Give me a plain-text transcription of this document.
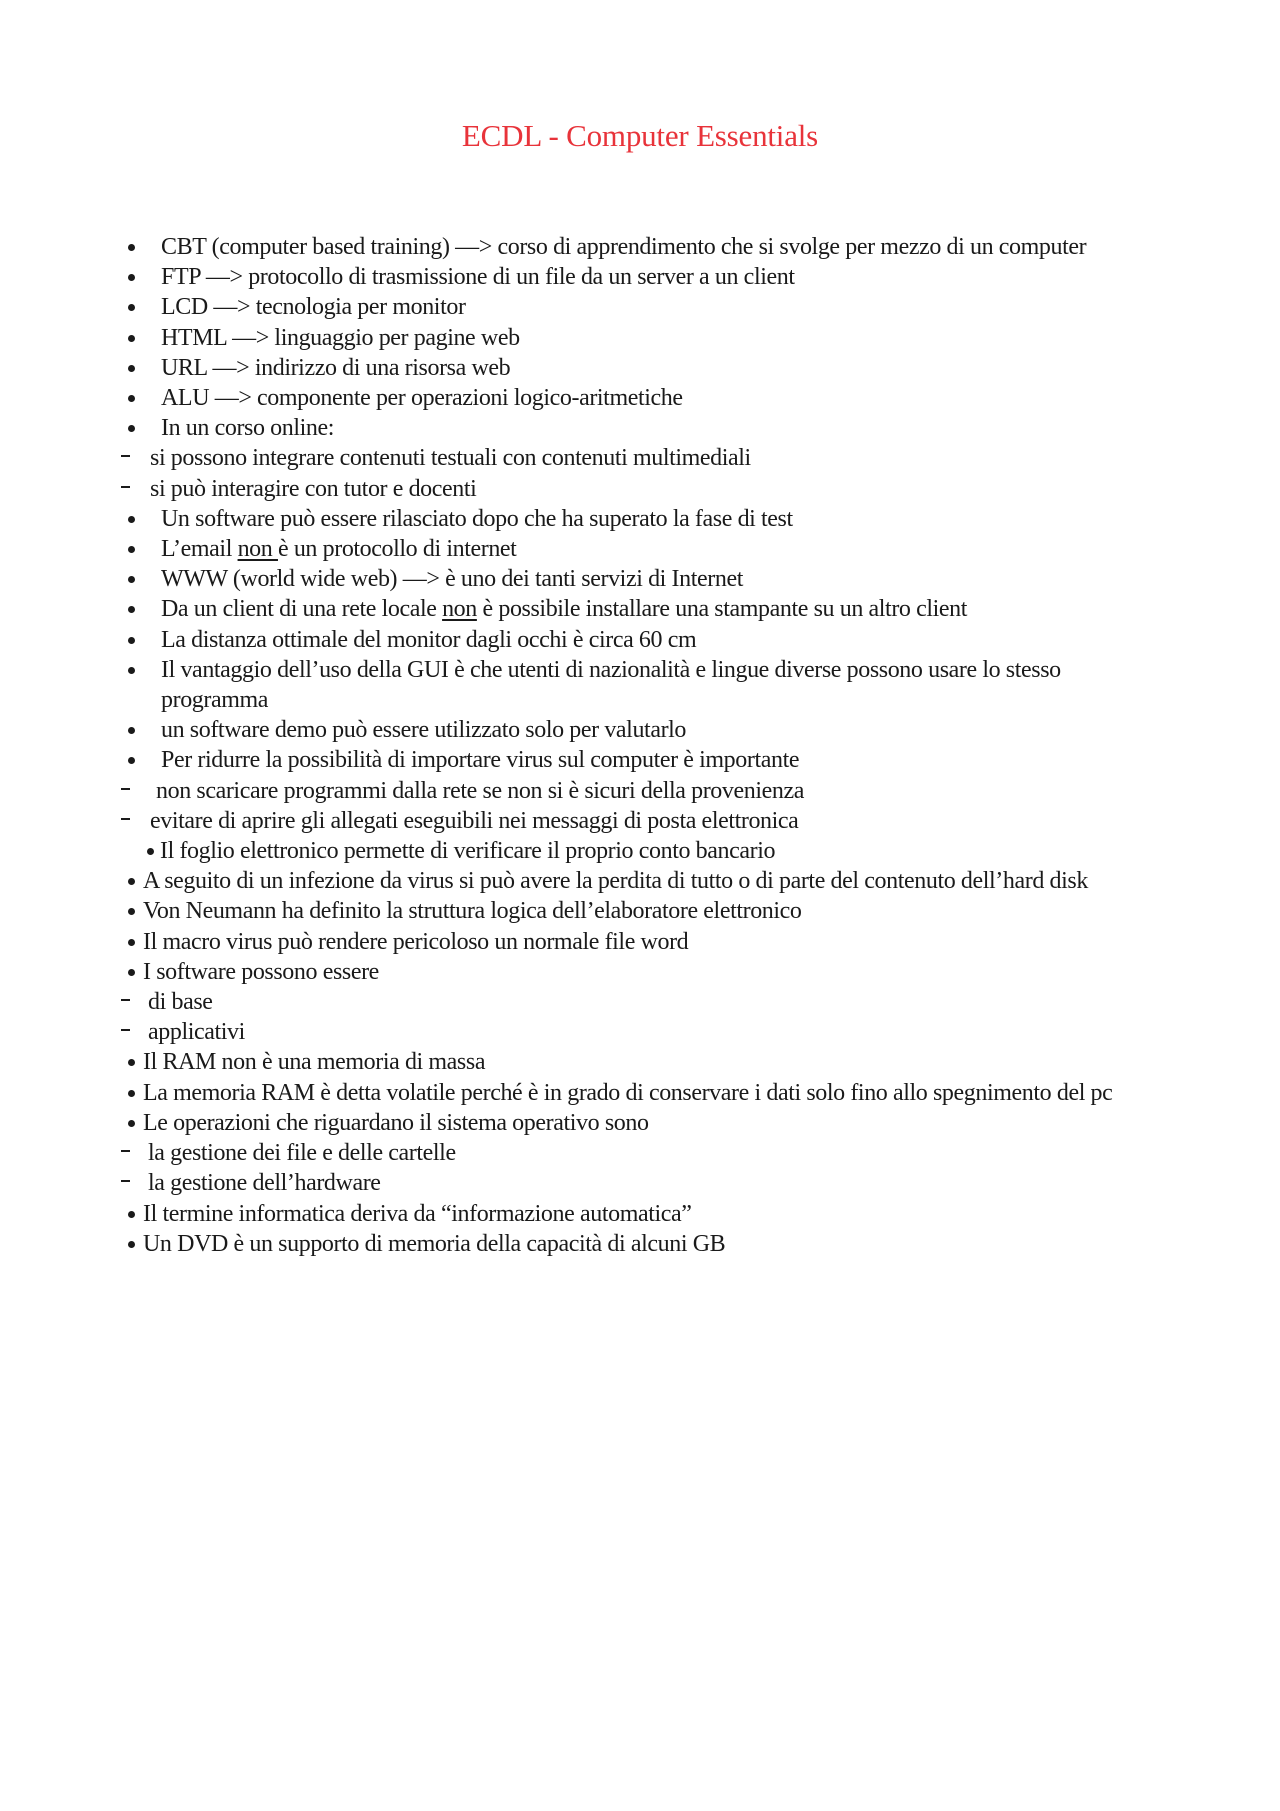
ECDL - Computer Essentials
CBT (computer based training) —> corso di apprendimento che si svolge per mezzo di un computer
FTP —> protocollo di trasmissione di un file da un server a un client
LCD —> tecnologia per monitor
HTML —> linguaggio per pagine web
URL —> indirizzo di una risorsa web
ALU —> componente per operazioni logico-aritmetiche
In un corso online:
si possono integrare contenuti testuali con contenuti multimediali
si può interagire con tutor e docenti
Un software può essere rilasciato dopo che ha superato la fase di test
L’email non è un protocollo di internet
WWW (world wide web) —> è uno dei tanti servizi di Internet
Da un client di una rete locale non è possibile installare una stampante su un altro client
La distanza ottimale del monitor dagli occhi è circa 60 cm
Il vantaggio dell’uso della GUI è che utenti di nazionalità e lingue diverse possono usare lo stesso programma
un software demo può essere utilizzato solo per valutarlo
Per ridurre la possibilità di importare virus sul computer è importante
non scaricare programmi dalla rete se non si è sicuri della provenienza
evitare di aprire gli allegati eseguibili nei messaggi di posta elettronica
Il foglio elettronico permette di verificare il proprio conto bancario
A seguito di un infezione da virus si può avere la perdita di tutto o di parte del contenuto dell’hard disk
Von Neumann ha definito la struttura logica dell’elaboratore elettronico
Il macro virus può rendere pericoloso un normale file word
I software possono essere
di base
applicativi
Il RAM non è una memoria di massa
La memoria RAM è detta volatile perché è in grado di conservare i dati solo fino allo spegnimento del pc
Le operazioni che riguardano il sistema operativo sono
la gestione dei file e delle cartelle
la gestione dell’hardware
Il termine informatica deriva da “informazione automatica”
Un DVD è un supporto di memoria della capacità di alcuni GB
